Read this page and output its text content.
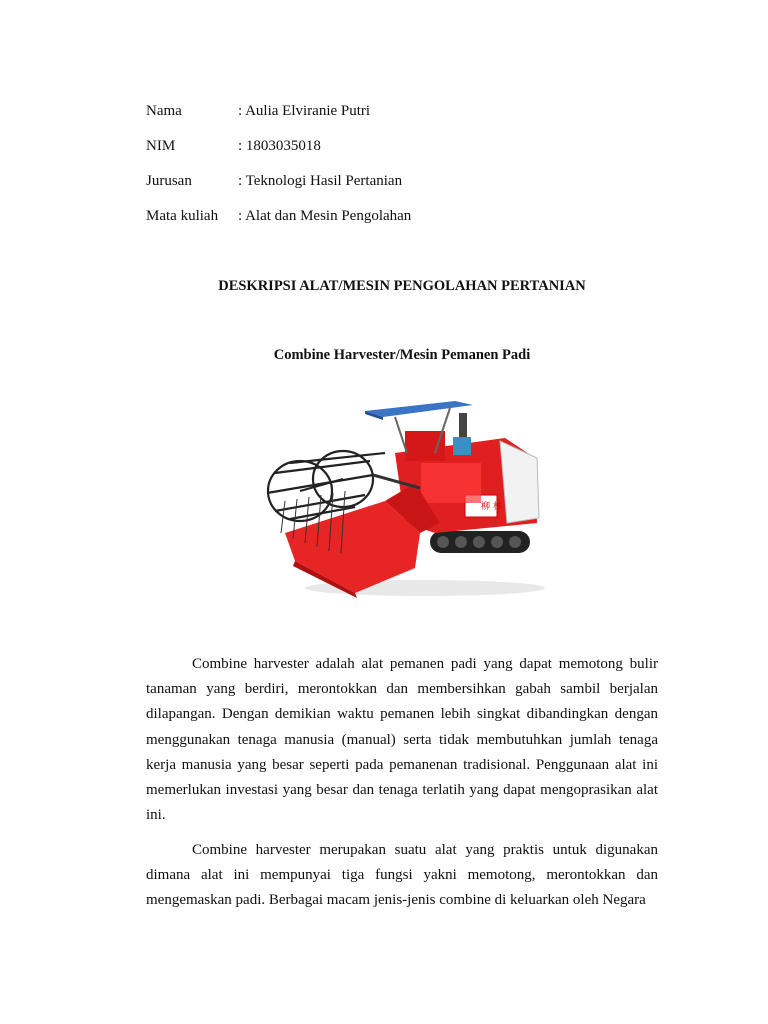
Nama	: Aulia Elviranie Putri
NIM	: 1803035018
Jurusan	: Teknologi Hasil Pertanian
Mata kuliah : Alat dan Mesin Pengolahan
DESKRIPSI ALAT/MESIN PENGOLAHAN PERTANIAN
Combine Harvester/Mesin Pemanen Padi
柳 林

Combine harvester adalah alat pemanen padi yang dapat memotong bulir tanaman yang berdiri, merontokkan dan membersihkan gabah sambil berjalan dilapangan. Dengan demikian waktu pemanen lebih singkat dibandingkan dengan menggunakan tenaga manusia (manual) serta tidak membutuhkan jumlah tenaga kerja manusia yang besar seperti pada pemanenan tradisional. Penggunaan alat ini memerlukan investasi yang besar dan tenaga terlatih yang dapat mengoprasikan alat ini.

Combine harvester merupakan suatu alat yang praktis untuk digunakan dimana alat ini mempunyai tiga fungsi yakni memotong, merontokkan dan mengemaskan padi. Berbagai macam jenis-jenis combine di keluarkan oleh Negara
